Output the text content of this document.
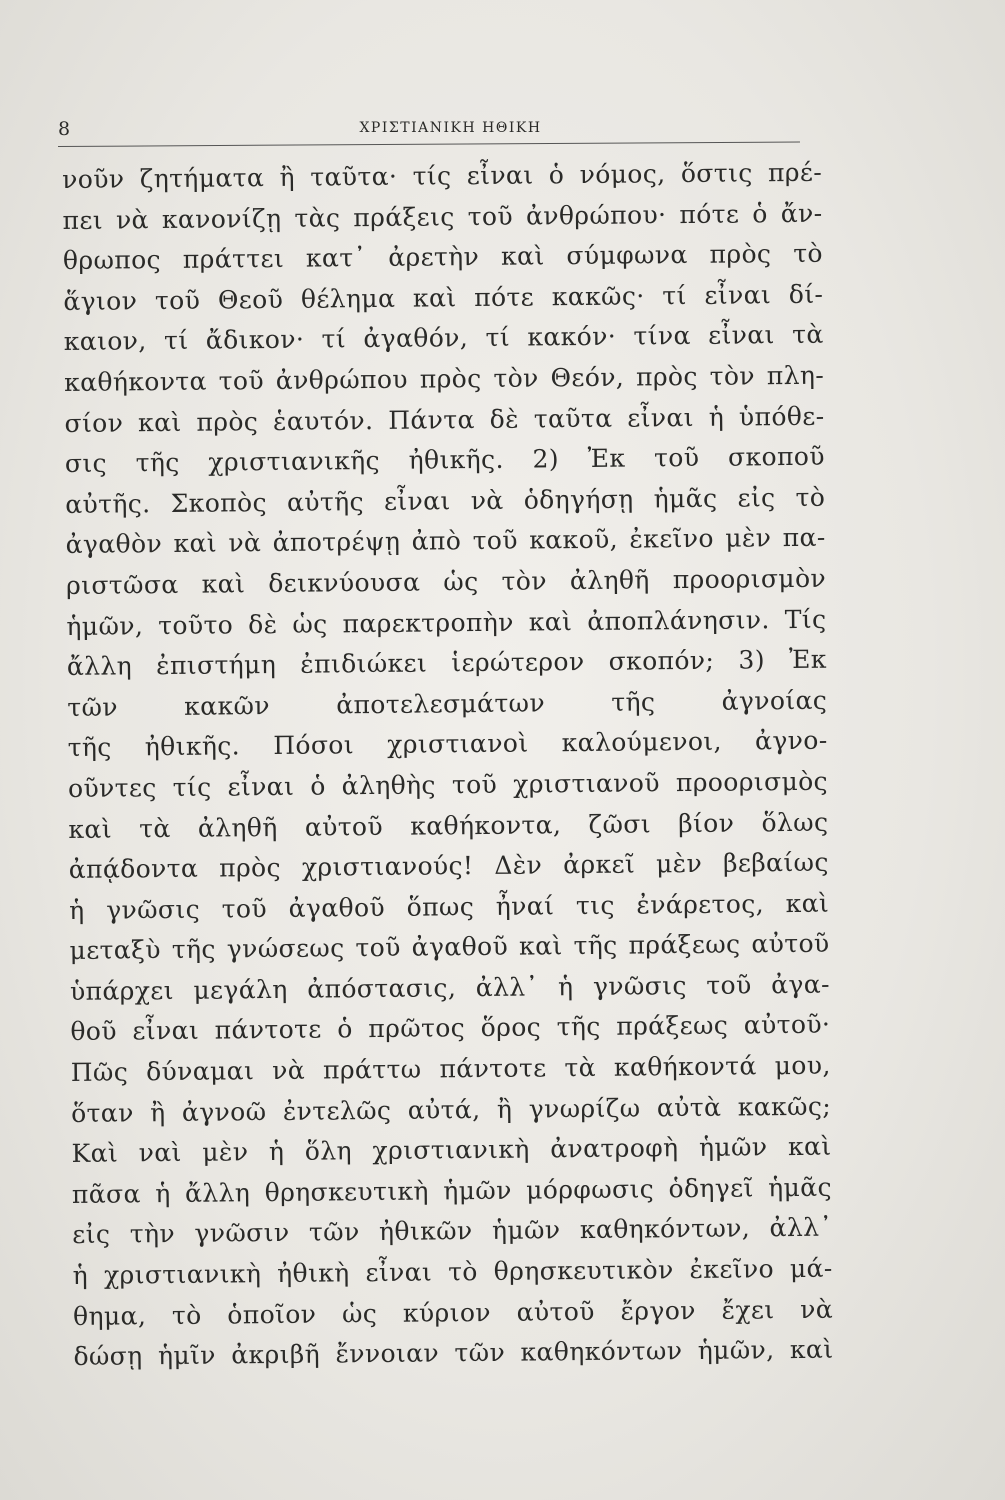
8	ΧΡΙΣΤΙΑΝΙΚΗ ΗΘΙΚΗ
νοῦν ζητήματα ἢ ταῦτα· τίς εἶναι ὁ νόμος, ὅστις πρέ-
πει νὰ κανονίζῃ τὰς πράξεις τοῦ ἀνθρώπου· πότε ὁ ἄν-
θρωπος πράττει κατ᾽ ἀρετὴν καὶ σύμφωνα πρὸς τὸ
ἅγιον τοῦ Θεοῦ θέλημα καὶ πότε κακῶς· τί εἶναι δί-
καιον, τί ἄδικον· τί ἀγαθόν, τί κακόν· τίνα εἶναι τὰ
καθήκοντα τοῦ ἀνθρώπου πρὸς τὸν Θεόν, πρὸς τὸν πλη-
σίον καὶ πρὸς ἑαυτόν. Πάντα δὲ ταῦτα εἶναι ἡ ὑπόθε-
σις τῆς χριστιανικῆς ἠθικῆς. 2) Ἐκ τοῦ σκοποῦ
αὐτῆς. Σκοπὸς αὐτῆς εἶναι νὰ ὁδηγήσῃ ἡμᾶς εἰς τὸ
ἀγαθὸν καὶ νὰ ἀποτρέψῃ ἀπὸ τοῦ κακοῦ, ἐκεῖνο μὲν πα-
ριστῶσα καὶ δεικνύουσα ὡς τὸν ἀληθῆ προορισμὸν
ἡμῶν, τοῦτο δὲ ὡς παρεκτροπὴν καὶ ἀποπλάνησιν. Τίς
ἄλλη ἐπιστήμη ἐπιδιώκει ἱερώτερον σκοπόν; 3) Ἐκ
τῶν κακῶν ἀποτελεσμάτων τῆς ἀγνοίας
τῆς ἠθικῆς. Πόσοι χριστιανοὶ καλούμενοι, ἀγνο-
οῦντες τίς εἶναι ὁ ἀληθὴς τοῦ χριστιανοῦ προορισμὸς
καὶ τὰ ἀληθῆ αὐτοῦ καθήκοντα, ζῶσι βίον ὅλως
ἀπᾴδοντα πρὸς χριστιανούς! Δὲν ἀρκεῖ μὲν βεβαίως
ἡ γνῶσις τοῦ ἀγαθοῦ ὅπως ἦναί τις ἐνάρετος, καὶ
μεταξὺ τῆς γνώσεως τοῦ ἀγαθοῦ καὶ τῆς πράξεως αὐτοῦ
ὑπάρχει μεγάλη ἀπόστασις, ἀλλ᾽ ἡ γνῶσις τοῦ ἀγα-
θοῦ εἶναι πάντοτε ὁ πρῶτος ὅρος τῆς πράξεως αὐτοῦ·
Πῶς δύναμαι νὰ πράττω πάντοτε τὰ καθήκοντά μου,
ὅταν ἢ ἀγνοῶ ἐντελῶς αὐτά, ἢ γνωρίζω αὐτὰ κακῶς;
Καὶ ναὶ μὲν ἡ ὅλη χριστιανικὴ ἀνατροφὴ ἡμῶν καὶ
πᾶσα ἡ ἄλλη θρησκευτικὴ ἡμῶν μόρφωσις ὁδηγεῖ ἡμᾶς
εἰς τὴν γνῶσιν τῶν ἠθικῶν ἡμῶν καθηκόντων, ἀλλ᾽
ἡ χριστιανικὴ ἠθικὴ εἶναι τὸ θρησκευτικὸν ἐκεῖνο μά-
θημα, τὸ ὁποῖον ὡς κύριον αὐτοῦ ἔργον ἔχει νὰ
δώσῃ ἡμῖν ἀκριβῆ ἔννοιαν τῶν καθηκόντων ἡμῶν, καὶ
